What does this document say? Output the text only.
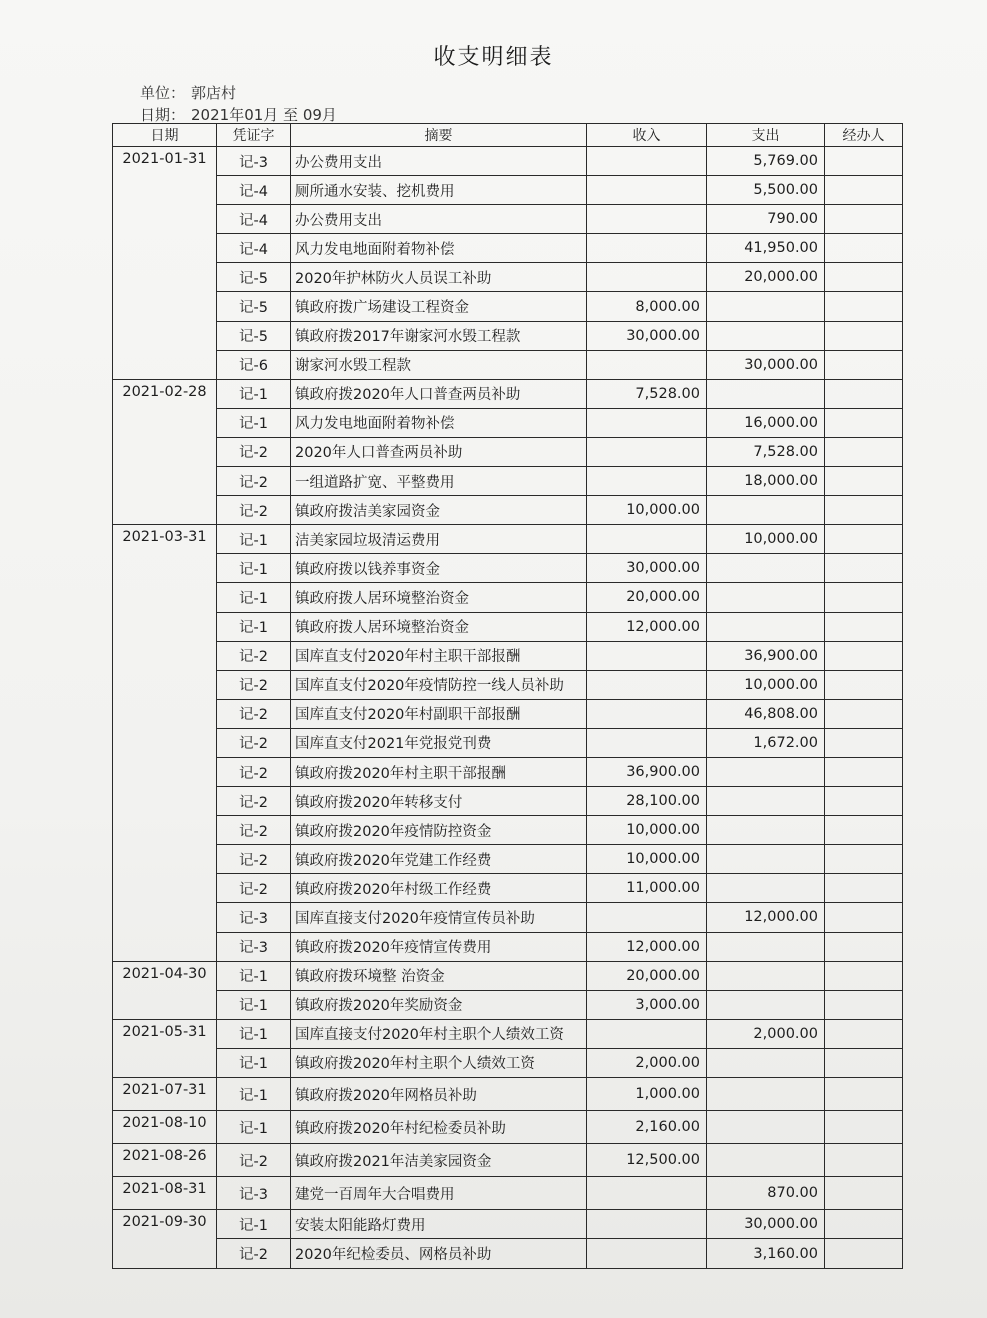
收支明细表
单位： 郭店村
日期： 2021年01月 至 09月
日期	凭证字	摘要	收入	支出	经办人
2021-01-31	记-3	办公费用支出		5,769.00	
	记-4	厕所通水安装、挖机费用		5,500.00	
	记-4	办公费用支出		790.00	
	记-4	风力发电地面附着物补偿		41,950.00	
	记-5	2020年护林防火人员误工补助		20,000.00	
	记-5	镇政府拨广场建设工程资金	8,000.00		
	记-5	镇政府拨2017年谢家河水毁工程款	30,000.00		
	记-6	谢家河水毁工程款		30,000.00	
2021-02-28	记-1	镇政府拨2020年人口普查两员补助	7,528.00		
	记-1	风力发电地面附着物补偿		16,000.00	
	记-2	2020年人口普查两员补助		7,528.00	
	记-2	一组道路扩宽、平整费用		18,000.00	
	记-2	镇政府拨洁美家园资金	10,000.00		
2021-03-31	记-1	洁美家园垃圾清运费用		10,000.00	
	记-1	镇政府拨以钱养事资金	30,000.00		
	记-1	镇政府拨人居环境整治资金	20,000.00		
	记-1	镇政府拨人居环境整治资金	12,000.00		
	记-2	国库直支付2020年村主职干部报酬		36,900.00	
	记-2	国库直支付2020年疫情防控一线人员补助		10,000.00	
	记-2	国库直支付2020年村副职干部报酬		46,808.00	
	记-2	国库直支付2021年党报党刊费		1,672.00	
	记-2	镇政府拨2020年村主职干部报酬	36,900.00		
	记-2	镇政府拨2020年转移支付	28,100.00		
	记-2	镇政府拨2020年疫情防控资金	10,000.00		
	记-2	镇政府拨2020年党建工作经费	10,000.00		
	记-2	镇政府拨2020年村级工作经费	11,000.00		
	记-3	国库直接支付2020年疫情宣传员补助		12,000.00	
	记-3	镇政府拨2020年疫情宣传费用	12,000.00		
2021-04-30	记-1	镇政府拨环境整 治资金	20,000.00		
	记-1	镇政府拨2020年奖励资金	3,000.00		
2021-05-31	记-1	国库直接支付2020年村主职个人绩效工资		2,000.00	
	记-1	镇政府拨2020年村主职个人绩效工资	2,000.00		
2021-07-31	记-1	镇政府拨2020年网格员补助	1,000.00		
2021-08-10	记-1	镇政府拨2020年村纪检委员补助	2,160.00		
2021-08-26	记-2	镇政府拨2021年洁美家园资金	12,500.00		
2021-08-31	记-3	建党一百周年大合唱费用		870.00	
2021-09-30	记-1	安装太阳能路灯费用		30,000.00	
	记-2	2020年纪检委员、网格员补助		3,160.00	
